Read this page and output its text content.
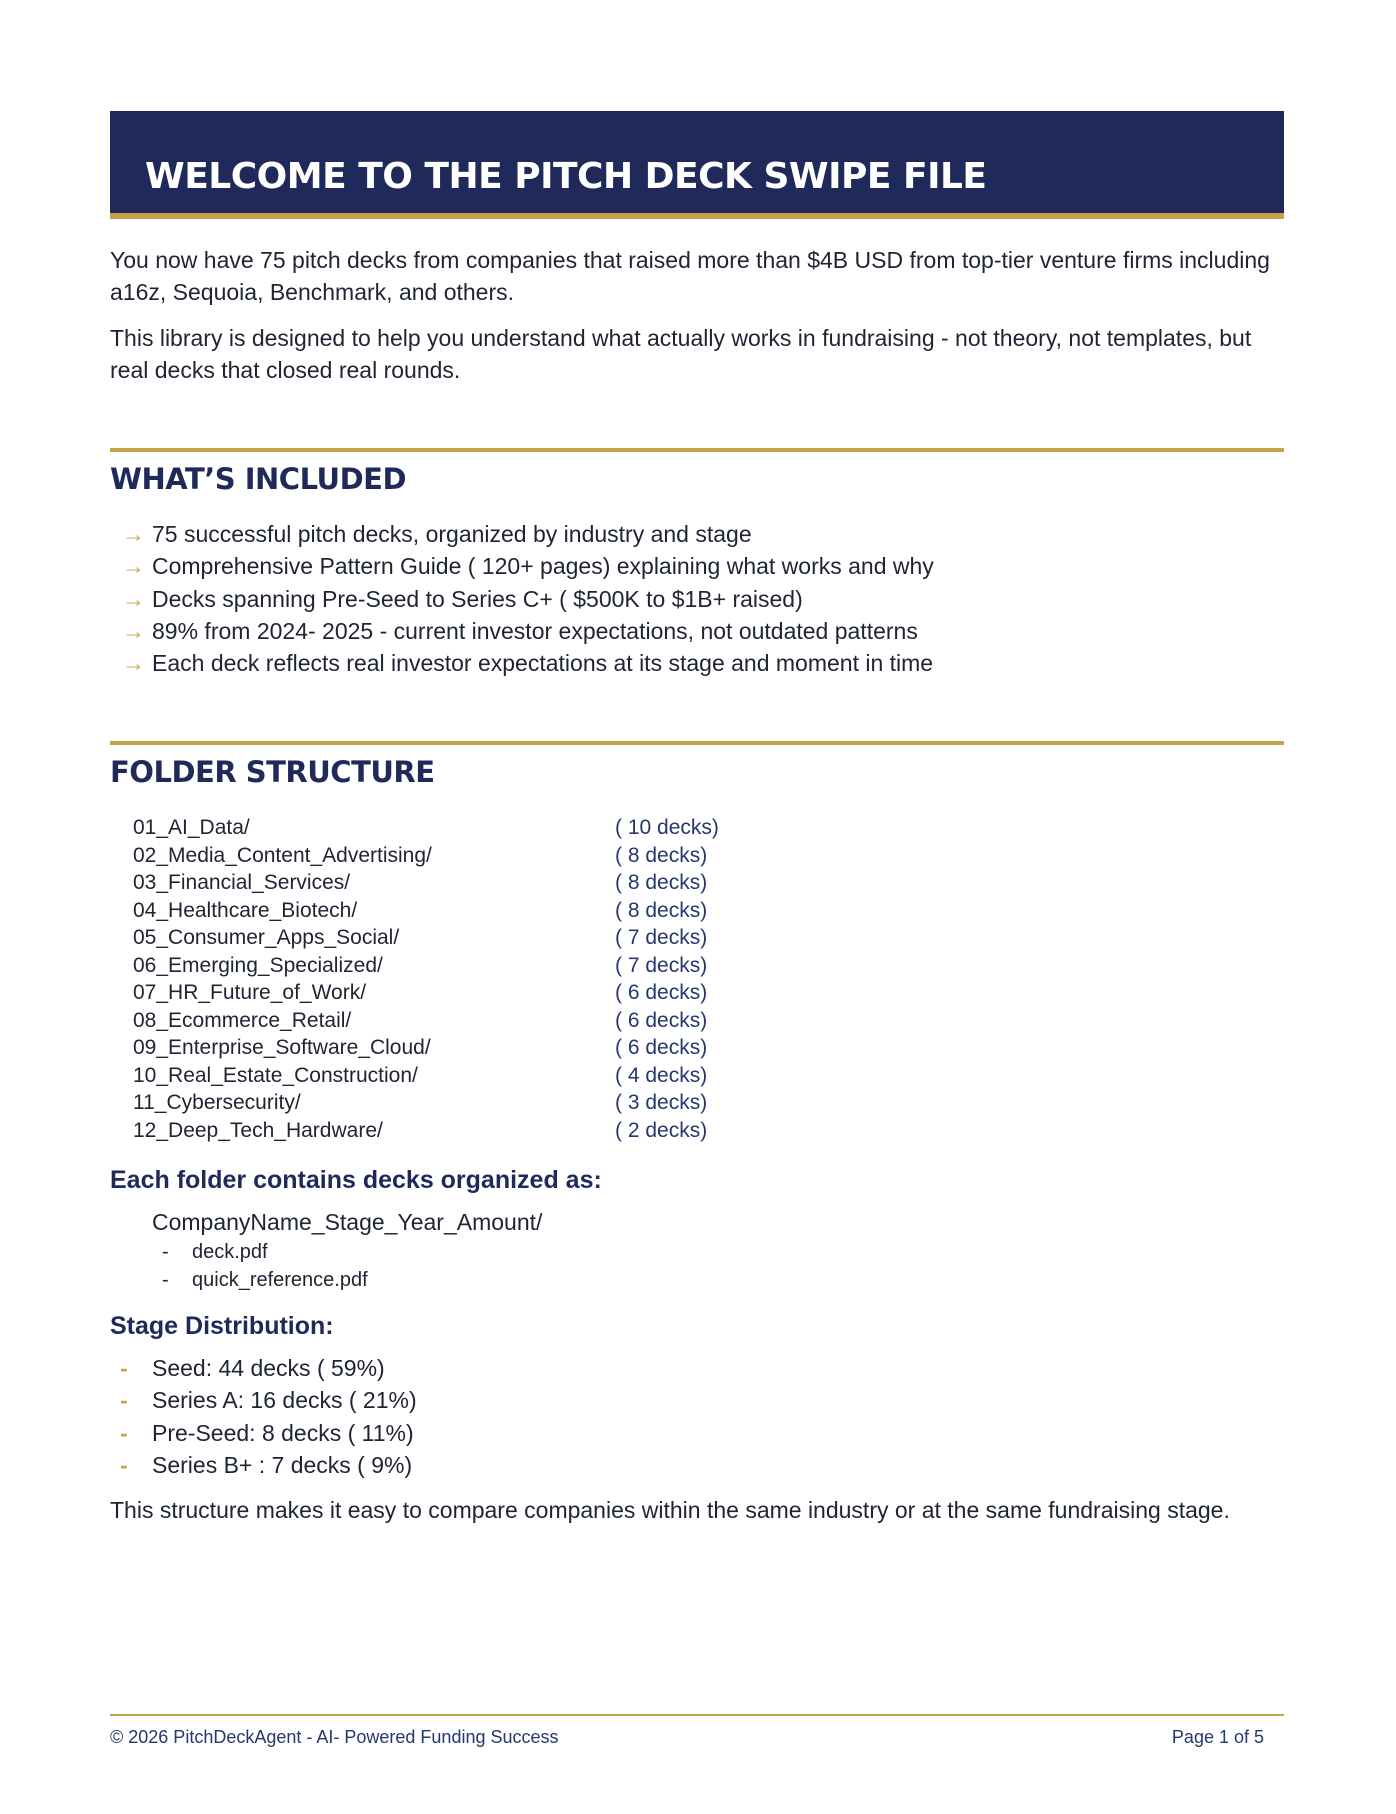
WELCOME TO THE PITCH DECK SWIPE FILE

You now have 75 pitch decks from companies that raised more than $4B USD from top-tier venture firms including a16z, Sequoia, Benchmark, and others.

This library is designed to help you understand what actually works in fundraising - not theory, not templates, but real decks that closed real rounds.

WHAT’S INCLUDED
→ 75 successful pitch decks, organized by industry and stage
→ Comprehensive Pattern Guide ( 120+ pages) explaining what works and why
→ Decks spanning Pre-Seed to Series C+ ( $500K to $1B+ raised)
→ 89% from 2024- 2025 - current investor expectations, not outdated patterns
→ Each deck reflects real investor expectations at its stage and moment in time
FOLDER STRUCTURE
01_AI_Data/	( 10 decks)
02_Media_Content_Advertising/	( 8 decks)
03_Financial_Services/	( 8 decks)
04_Healthcare_Biotech/	( 8 decks)
05_Consumer_Apps_Social/	( 7 decks)
06_Emerging_Specialized/	( 7 decks)
07_HR_Future_of_Work/	( 6 decks)
08_Ecommerce_Retail/	( 6 decks)
09_Enterprise_Software_Cloud/	( 6 decks)
10_Real_Estate_Construction/	( 4 decks)
11_Cybersecurity/	( 3 decks)
12_Deep_Tech_Hardware/	( 2 decks)
Each folder contains decks organized as:
CompanyName_Stage_Year_Amount/
- deck.pdf
- quick_reference.pdf
Stage Distribution:
- Seed: 44 decks ( 59%)
- Series A: 16 decks ( 21%)
- Pre-Seed: 8 decks ( 11%)
- Series B+ : 7 decks ( 9%)

This structure makes it easy to compare companies within the same industry or at the same fundraising stage.

© 2026 PitchDeckAgent - AI- Powered Funding Success	Page 1 of 5
